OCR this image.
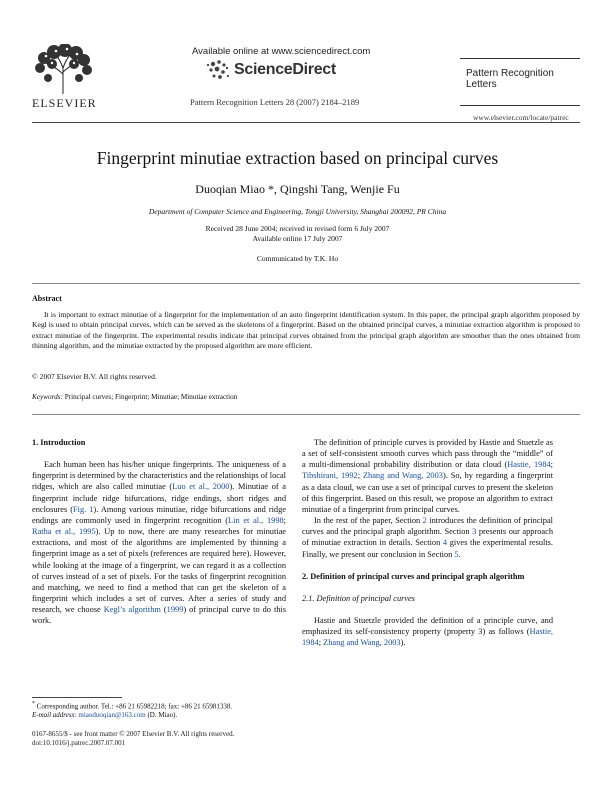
ELSEVIER
Available online at www.sciencedirect.com
ScienceDirect
Pattern Recognition Letters 28 (2007) 2184–2189
Pattern Recognition Letters
www.elsevier.com/locate/patrec
Fingerprint minutiae extraction based on principal curves
Duoqian Miao *, Qingshi Tang, Wenjie Fu
Department of Computer Science and Engineering, Tongji University, Shanghai 200092, PR China
Received 28 June 2004; received in revised form 6 July 2007
Available online 17 July 2007
Communicated by T.K. Ho
Abstract
It is important to extract minutiae of a fingerprint for the implementation of an auto fingerprint identification system. In this paper, the principal graph algorithm proposed by Kegl is used to obtain principal curves, which can be served as the skeletons of a fingerprint. Based on the obtained principal curves, a minutiae extraction algorithm is proposed to extract minutiae of the fingerprint. The experimental results indicate that principal curves obtained from the principal graph algorithm are smoother than the ones obtained from thinning algorithm, and the minutiae extracted by the proposed algorithm are more efficient.
© 2007 Elsevier B.V. All rights reserved.
Keywords: Principal curves; Fingerprint; Minutiae; Minutiae extraction

1. Introduction

Each human been has his/her unique fingerprints. The uniqueness of a fingerprint is determined by the characteristics and the relationships of local ridges, which are also called minutiae (Luo et al., 2000). Minutiae of a fingerprint include ridge bifurcations, ridge endings, short ridges and enclosures (Fig. 1). Among various minutiae, ridge bifurcations and ridge endings are commonly used in fingerprint recognition (Lin et al., 1998; Ratha et al., 1995). Up to now, there are many researches for minutiae extractions, and most of the algorithms are implemented by thinning a fingerprint image as a set of pixels (references are required here). However, while looking at the image of a fingerprint, we can regard it as a collection of curves instead of a set of pixels. For the tasks of fingerprint recognition and matching, we need to find a method that can get the skeleton of a fingerprint which includes a set of curves. After a series of study and research, we choose Kegl’s algorithm (1999) of principal curve to do this work.

The definition of principle curves is provided by Hastie and Stuetzle as a set of self-consistent smooth curves which pass through the “middle” of a multi-dimensional probability distribution or data cloud (Hastie, 1984; Tibshirani, 1992; Zhang and Wang, 2003). So, by regarding a fingerprint as a data cloud, we can use a set of principal curves to present the skeleton of this fingerprint. Based on this result, we propose an algorithm to extract minutiae of a fingerprint from principal curves.

In the rest of the paper, Section 2 introduces the definition of principal curves and the principal graph algorithm. Section 3 presents our approach of minutiae extraction in details. Section 4 gives the experimental results. Finally, we present our conclusion in Section 5.

2. Definition of principal curves and principal graph algorithm

2.1. Definition of principal curves

Hastie and Stuetzle provided the definition of a principle curve, and emphasized its self-consistency property (property 3) as follows (Hastie, 1984; Zhang and Wang, 2003).

* Corresponding author. Tel.: +86 21 65982218; fax: +86 21 65981338.
E-mail address: miaoduoqian@163.com (D. Miao).
0167-8655/$ - see front matter © 2007 Elsevier B.V. All rights reserved.
doi:10.1016/j.patrec.2007.07.001
